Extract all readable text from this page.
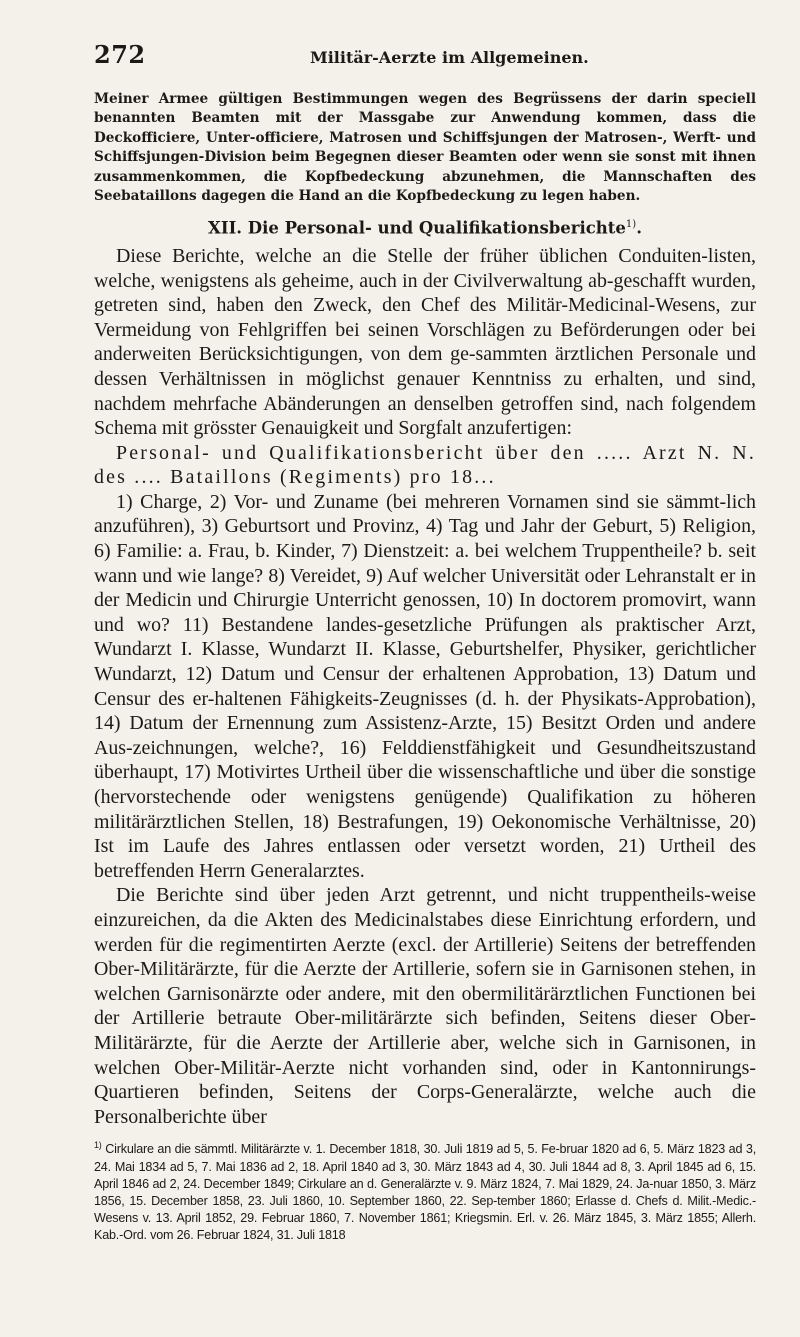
272	Militär-Aerzte im Allgemeinen.

Meiner Armee gültigen Bestimmungen wegen des Begrüssens der darin speciell benannten Beamten mit der Massgabe zur Anwendung kommen, dass die Deckofficiere, Unter-officiere, Matrosen und Schiffsjungen der Matrosen-, Werft- und Schiffsjungen-Division beim Begegnen dieser Beamten oder wenn sie sonst mit ihnen zusammenkommen, die Kopfbedeckung abzunehmen, die Mannschaften des Seebataillons dagegen die Hand an die Kopfbedeckung zu legen haben.

XII. Die Personal- und Qualifikationsberichte$^{1)}$.

Diese Berichte, welche an die Stelle der früher üblichen Conduiten-listen, welche, wenigstens als geheime, auch in der Civilverwaltung ab-geschafft wurden, getreten sind, haben den Zweck, den Chef des Militär-Medicinal-Wesens, zur Vermeidung von Fehlgriffen bei seinen Vorschlägen zu Beförderungen oder bei anderweiten Berücksichtigungen, von dem ge-sammten ärztlichen Personale und dessen Verhältnissen in möglichst genauer Kenntniss zu erhalten, und sind, nachdem mehrfache Abänderungen an denselben getroffen sind, nach folgendem Schema mit grösster Genauigkeit und Sorgfalt anzufertigen:

Personal- und Qualifikationsbericht über den ..... Arzt N. N. des .... Bataillons (Regiments) pro 18...

1) Charge, 2) Vor- und Zuname (bei mehreren Vornamen sind sie sämmt-lich anzuführen), 3) Geburtsort und Provinz, 4) Tag und Jahr der Geburt, 5) Religion, 6) Familie: a. Frau, b. Kinder, 7) Dienstzeit: a. bei welchem Truppentheile? b. seit wann und wie lange? 8) Vereidet, 9) Auf welcher Universität oder Lehranstalt er in der Medicin und Chirurgie Unterricht genossen, 10) In doctorem promovirt, wann und wo? 11) Bestandene landes-gesetzliche Prüfungen als praktischer Arzt, Wundarzt I. Klasse, Wundarzt II. Klasse, Geburtshelfer, Physiker, gerichtlicher Wundarzt, 12) Datum und Censur der erhaltenen Approbation, 13) Datum und Censur des er-haltenen Fähigkeits-Zeugnisses (d. h. der Physikats-Approbation), 14) Datum der Ernennung zum Assistenz-Arzte, 15) Besitzt Orden und andere Aus-zeichnungen, welche?, 16) Felddienstfähigkeit und Gesundheitszustand überhaupt, 17) Motivirtes Urtheil über die wissenschaftliche und über die sonstige (hervorstechende oder wenigstens genügende) Qualifikation zu höheren militärärztlichen Stellen, 18) Bestrafungen, 19) Oekonomische Verhältnisse, 20) Ist im Laufe des Jahres entlassen oder versetzt worden, 21) Urtheil des betreffenden Herrn Generalarztes.

Die Berichte sind über jeden Arzt getrennt, und nicht truppentheils-weise einzureichen, da die Akten des Medicinalstabes diese Einrichtung erfordern, und werden für die regimentirten Aerzte (excl. der Artillerie) Seitens der betreffenden Ober-Militärärzte, für die Aerzte der Artillerie, sofern sie in Garnisonen stehen, in welchen Garnisonärzte oder andere, mit den obermilitärärztlichen Functionen bei der Artillerie betraute Ober-militärärzte sich befinden, Seitens dieser Ober-Militärärzte, für die Aerzte der Artillerie aber, welche sich in Garnisonen, in welchen Ober-Militär-Aerzte nicht vorhanden sind, oder in Kantonnirungs-Quartieren befinden, Seitens der Corps-Generalärzte, welche auch die Personalberichte über

$^{1)}$ Cirkulare an die sämmtl. Militärärzte v. 1. December 1818, 30. Juli 1819 ad 5, 5. Fe-bruar 1820 ad 6, 5. März 1823 ad 3, 24. Mai 1834 ad 5, 7. Mai 1836 ad 2, 18. April 1840 ad 3, 30. März 1843 ad 4, 30. Juli 1844 ad 8, 3. April 1845 ad 6, 15. April 1846 ad 2, 24. December 1849; Cirkulare an d. Generalärzte v. 9. März 1824, 7. Mai 1829, 24. Ja-nuar 1850, 3. März 1856, 15. December 1858, 23. Juli 1860, 10. September 1860, 22. Sep-tember 1860; Erlasse d. Chefs d. Milit.-Medic.-Wesens v. 13. April 1852, 29. Februar 1860, 7. November 1861; Kriegsmin. Erl. v. 26. März 1845, 3. März 1855; Allerh. Kab.-Ord. vom 26. Februar 1824, 31. Juli 1818
